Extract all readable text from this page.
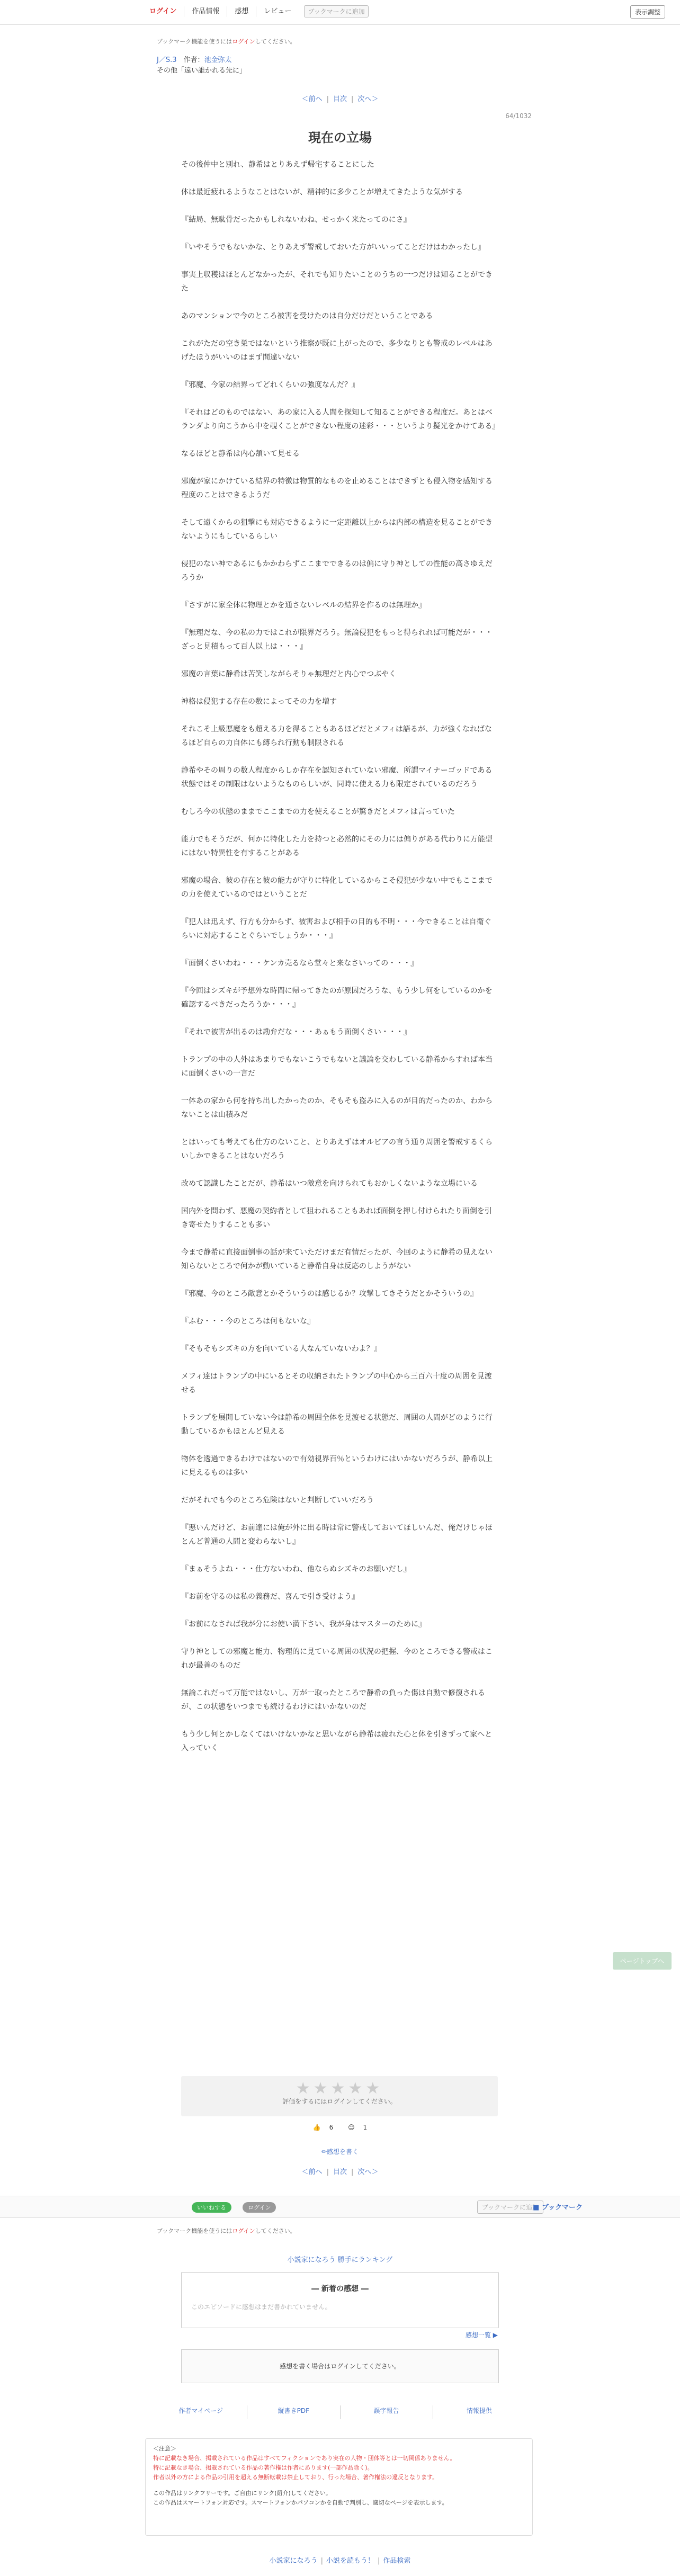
ログイン	作品情報	感想	レビュー	ブックマークに追加	表示調整
ブックマーク機能を使うにはログインしてください。
J／S.3　 作者：池金弥太
その他「遠い誰かれる先に」
＜前へ | 目次 | 次へ＞
64/1032
現在の立場

その後仲中と別れ、静希はとりあえず帰宅することにした

体は最近疲れるようなことはないが、精神的に多少ことが増えてきたような気がする

『結局、無駄骨だったかもしれないわね、せっかく来たってのにさ』

『いやそうでもないかな、とりあえず警戒しておいた方がいいってことだけはわかったし』

事実上収穫はほとんどなかったが、それでも知りたいことのうちの一つだけは知ることができた

あのマンションで今のところ被害を受けたのは自分だけだということである

これがただの空き巣ではないという推察が既に上がったので、多少なりとも警戒のレベルはあげたほうがいいのはまず間違いない

『邪魔、今家の結界ってどれくらいの強度なんだ？』

『それはどのものではない、あの家に入る人間を探知して知ることができる程度だ。あとはベランダより向こうから中を覗くことができない程度の迷彩・・・というより擬光をかけてある』

なるほどと静希は内心頷いて見せる

邪魔が家にかけている結界の特徴は物質的なものを止めることはできずとも侵入物を感知する程度のことはできるようだ

そして遠くからの狙撃にも対応できるように一定距離以上からは内部の構造を見ることができないようにもしているらしい

侵犯のない神であるにもかかわらずここまでできるのは偏に守り神としての性能の高さゆえだろうか

『さすがに家全体に物理とかを通さないレベルの結界を作るのは無理か』

『無理だな、今の私の力ではこれが限界だろう。無論侵犯をもっと得られれば可能だが・・・ざっと見積もって百人以上は・・・』

邪魔の言葉に静希は苦笑しながらそりゃ無理だと内心でつぶやく

神格は侵犯する存在の数によってその力を増す

それこそ上級悪魔をも超える力を得ることもあるほどだとメフィは語るが、力が強くなればなるほど自らの力自体にも縛られ行動も制限される

静希やその周りの数人程度からしか存在を認知されていない邪魔、所謂マイナーゴッドである状態ではその制限はないようなものらしいが、同時に使える力も限定されているのだろう

むしろ今の状態のままでここまでの力を使えることが驚きだとメフィは言っていた

能力でもそうだが、何かに特化した力を持つと必然的にその力には偏りがある代わりに万能型にはない特異性を有することがある

邪魔の場合、彼の存在と彼の能力が守りに特化しているからこそ侵犯が少ない中でもここまでの力を使えているのではということだ

『犯人は迅えず、行方も分からず、被害および相手の目的も不明・・・今できることは自衛ぐらいに対応することぐらいでしょうか・・・』

『面倒くさいわね・・・ケンカ売るなら堂々と来なさいっての・・・』

『今回はシズキが予想外な時間に帰ってきたのが原因だろうな、もう少し何をしているのかを確認するべきだったろうか・・・』

『それで被害が出るのは勘弁だな・・・あぁもう面倒くさい・・・』

トランプの中の人外はあまりでもないこうでもないと議論を交わしている静希からすれば本当に面倒くさいの一言だ

一体あの家から何を持ち出したかったのか、そもそも盗みに入るのが目的だったのか、わからないことは山積みだ

とはいっても考えても仕方のないこと、とりあえずはオルビアの言う通り周囲を警戒するくらいしかできることはないだろう

改めて認識したことだが、静希はいつ敵意を向けられてもおかしくないような立場にいる

国内外を問わず、悪魔の契約者として狙われることもあれば面倒を押し付けられたり面倒を引き寄せたりすることも多い

今まで静希に直接面倒事の話が来ていただけまだ有情だったが、今回のように静希の見えない知らないところで何かが動いていると静希自身は反応のしようがない

『邪魔、今のところ敵意とかそういうのは感じるか？攻撃してきそうだとかそういうの』

『ふむ・・・今のところは何もないな』

『そもそもシズキの方を向いている人なんていないわよ？』

メフィ達はトランプの中にいるとその収納されたトランプの中心から三百六十度の周囲を見渡せる

トランプを展開していない今は静希の周囲全体を見渡せる状態だ、周囲の人間がどのように行動しているかもほとんど見える

物体を透過できるわけではないので有効視界百％というわけにはいかないだろうが、静希以上に見えるものは多い

だがそれでも今のところ危険はないと判断していいだろう

『悪いんだけど、お前達には俺が外に出る時は常に警戒しておいてほしいんだ、俺だけじゃほとんど普通の人間と変わらないし』

『まぁそうよね・・・仕方ないわね、他ならぬシズキのお願いだし』

『お前を守るのは私の義務だ、喜んで引き受けよう』

『お前になされば我が分にお使い満下さい、我が身はマスターのために』

守り神としての邪魔と能力、物理的に見ている周囲の状況の把握、今のところできる警戒はこれが最善のものだ

無論これだって万能ではないし、万が一取ったところで静希の負った傷は自動で修復されるが、この状態をいつまでも続けるわけにはいかないのだ

もう少し何とかしなくてはいけないかなと思いながら静希は疲れた心と体を引きずって家へと入っていく

ページトップへ
★★★★★
評価をするにはログインしてください。
👍 6 😊 1
✏感想を書く
＜前へ | 目次 | 次へ＞
いいねする	ログイン	ブックマークに追加
■ ブックマーク
ブックマーク機能を使うにはログインしてください。
小説家になろう 勝手にランキング
― 新着の感想 ―
このエピソードに感想はまだ書かれていません。
感想一覧 ▶
感想を書く場合はログインしてください。
作者マイページ	縦書きPDF	誤字報告	情報提供
＜注意＞
特に記載なき場合、掲載されている作品はすべてフィクションであり実在の人物・団体等とは一切関係ありません。
特に記載なき場合、掲載されている作品の著作権は作者にあります(一部作品除く)。
作者以外の方による作品の引用を超える無断転載は禁止しており、行った場合、著作権法の違反となります。
この作品はリンクフリーです。ご自由にリンク(紹介)してください。
この作品はスマートフォン対応です。スマートフォンかパソコンかを自動で判別し、適切なページを表示します。
小説家になろう | 小説を読もう！ | 作品検索
